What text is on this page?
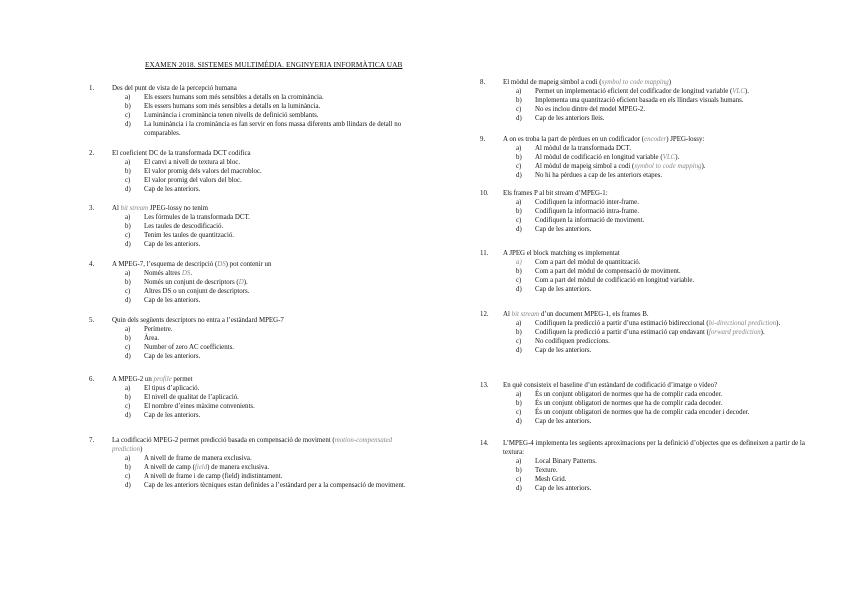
EXAMEN 2018. SISTEMES MULTIMÈDIA. ENGINYERIA INFORMÀTICA UAB
1.	Des del punt de vista de la percepció humana
a) Els essers humans som més sensibles a detalls en la crominància.
b) Els essers humans som més sensibles a detalls en la luminància.
c) Luminància i crominància tenen nivells de definició semblants.
d) La luminància i la crominància es fan servir en fons massa diferents amb llindars de detall no comparables.
2.	El coeficient DC de la transformada DCT codifica
a) El canvi a nivell de textura al bloc.
b) El valor promig dels valors del macrobloc.
c) El valor promig del valors del bloc.
d) Cap de les anteriors.
3.	Al bit stream JPEG-lossy no tenim
a) Les fórmules de la transformada DCT.
b) Les taules de descodificació.
c) Tenim les taules de quantització.
d) Cap de les anteriors.
4.	A MPEG-7, l’esquema de descripció (DS) pot contenir un
a) Només altres DS.
b) Només un conjunt de descriptors (D).
c) Altres DS o un conjunt de descriptors.
d) Cap de les anteriors.
5.	Quin dels següents descriptors no entra a l’estàndard MPEG-7
a) Perímetre.
b) Àrea.
c) Number of zero AC coefficients.
d) Cap de les anteriors.
6.	A MPEG-2 un profile permet
a) El tipus d’aplicació.
b) El nivell de qualitat de l’aplicació.
c) El nombre d’eines màxime convenients.
d) Cap de les anteriors.
7.	La codificació MPEG-2 permet predicció basada en compensació de moviment (motion-compensated prediction)
a) A nivell de frame de manera exclusiva.
b) A nivell de camp (field) de manera exclusiva.
c) A nivell de frame i de camp (field) indistintament.
d) Cap de les anteriors tècniques estan definides a l’estàndard per a la compensació de moviment.
8.	El mòdul de mapeig simbol a codi (symbol to code mapping)
a) Permet un implementació eficient del codificador de longitud variable (VLC).
b) Implementa una quantització eficient basada en els llindars visuals humans.
c) No es inclou dintre del model MPEG-2.
d) Cap de les anteriors lleis.
9.	A on es troba la part de pèrdues en un codificador (encoder) JPEG-lossy:
a) Al mòdul de la transformada DCT.
b) Al mòdul de codificació en longitud variable (VLC).
c) Al mòdul de mapeig simbol a codi (symbol to code mapping).
d) No hi ha pèrdues a cap de les anteriors etapes.
10. Els frames P al bit stream d’MPEG-1:
a) Codifiquen la informació inter-frame.
b) Codifiquen la informació intra-frame.
c) Codifiquen la informació de moviment.
d) Cap de les anteriors.
11. A JPEG el block matching es implementat
a) Com a part del mòdul de quantització.
b) Com a part del mòdul de compensació de moviment.
c) Com a part del mòdul de codificació en longitud variable.
d) Cap de les anteriors.
12. Al bit stream d’un document MPEG-1, els frames B.
a) Codifiquen la predicció a partir d’una estimació bidireccional (bi-directional prediction).
b) Codifiquen la predicció a partir d’una estimació cap endavant (forward prediction).
c) No codifiquen prediccions.
d) Cap de les anteriors.
13. En què consisteix el baseline d’un estàndard de codificació d’imatge o vídeo?
a) És un conjunt obligatori de normes que ha de complir cada encoder.
b) És un conjunt obligatori de normes que ha de complir cada decoder.
c) És un conjunt obligatori de normes que ha de complir cada encoder i decoder.
d) Cap de les anteriors.
14. L’MPEG-4 implementa les següents aproximacions per la definició d’objectes que es defineixen a partir de la textura:
a) Local Binary Patterns.
b) Texture.
c) Mesh Grid.
d) Cap de les anteriors.
